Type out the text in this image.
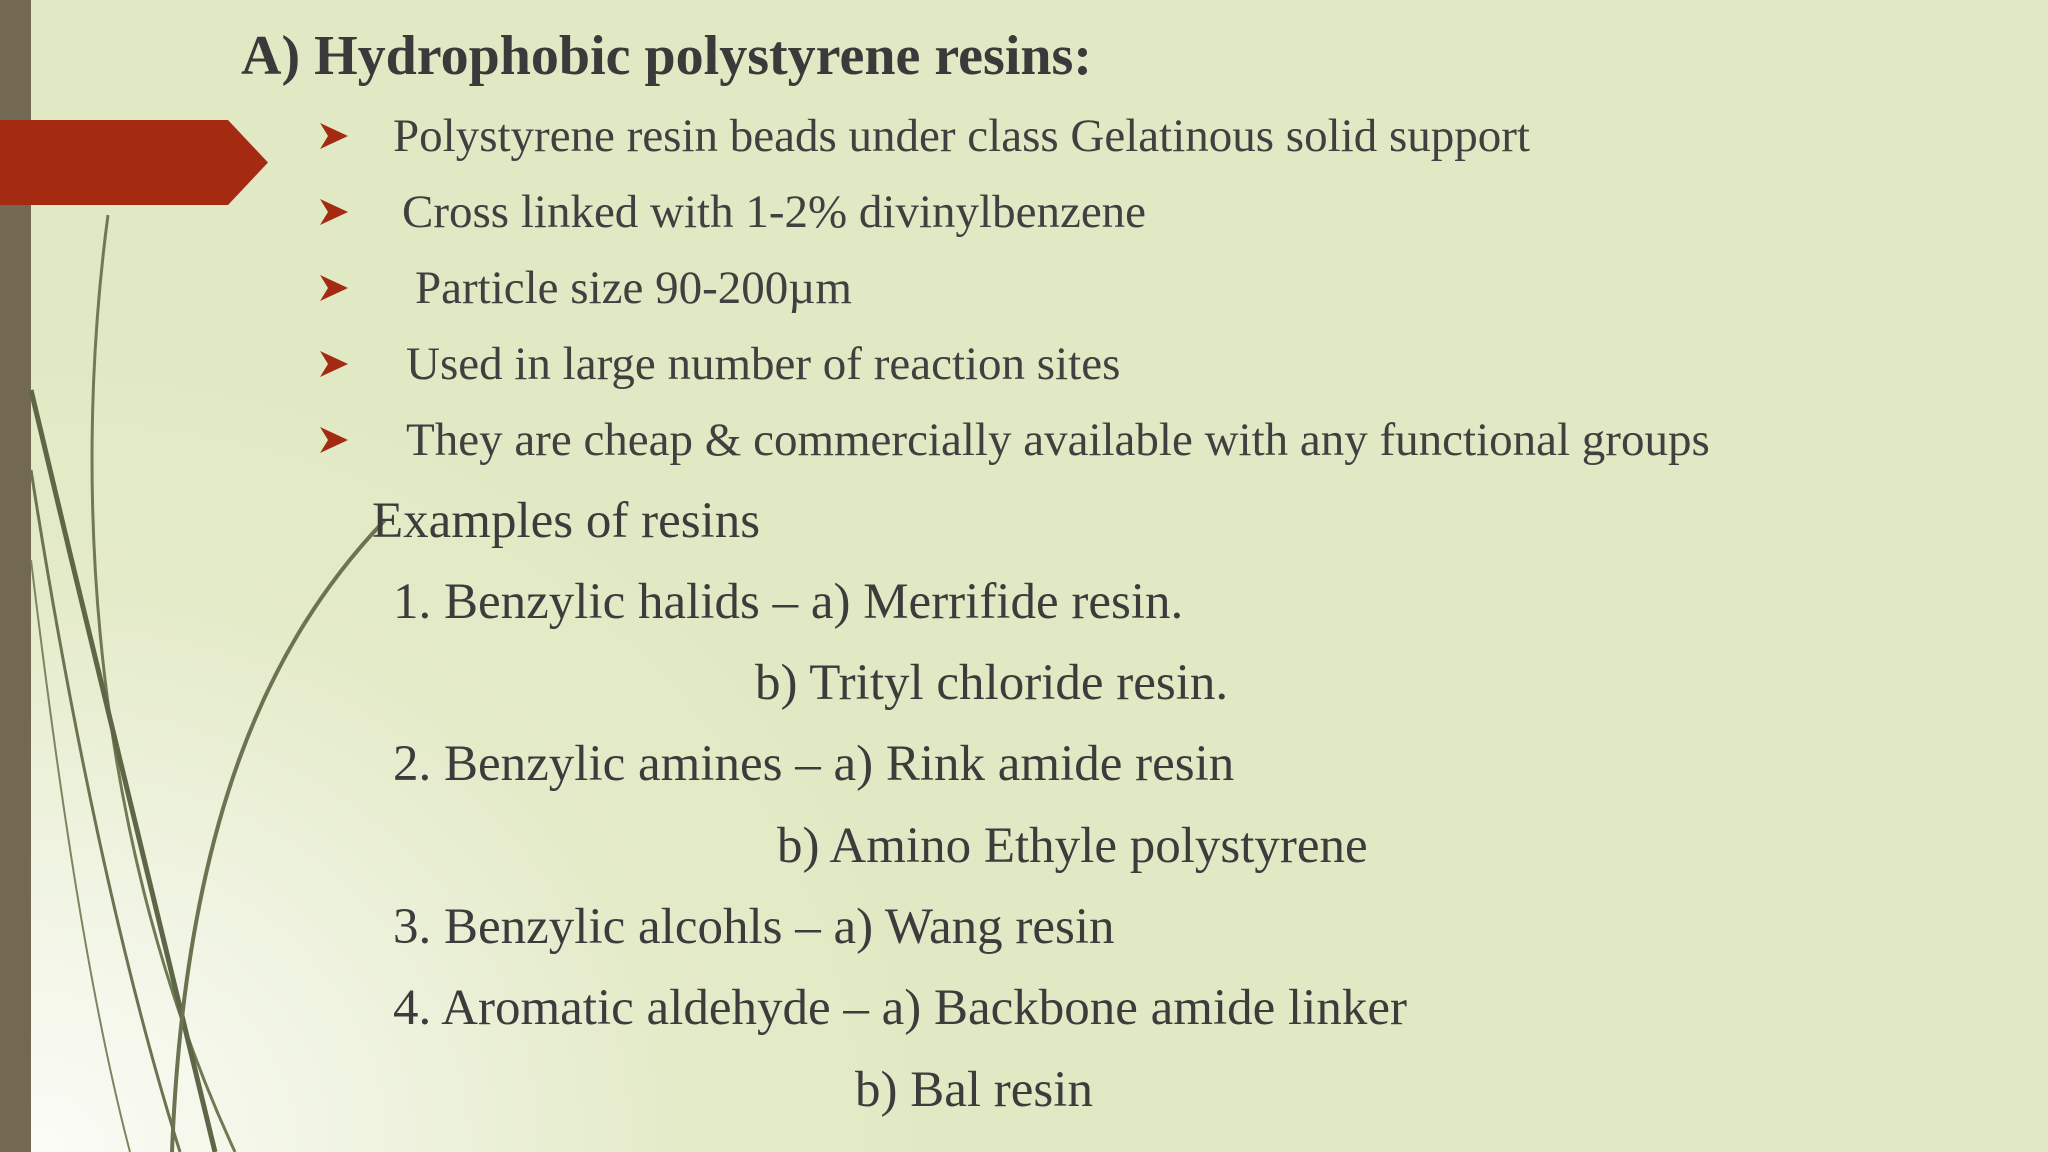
A) Hydrophobic polystyrene resins:
Polystyrene resin beads under class Gelatinous solid support
Cross linked with 1-2% divinylbenzene
Particle size 90-200µm
Used in large number of reaction sites
They are cheap & commercially available with any functional groups
Examples of resins
1. Benzylic halids – a) Merrifide resin.
b) Trityl chloride resin.
2. Benzylic amines – a) Rink amide resin
b) Amino Ethyle polystyrene
3. Benzylic alcohls – a) Wang resin
4. Aromatic aldehyde – a) Backbone amide linker
b) Bal resin
